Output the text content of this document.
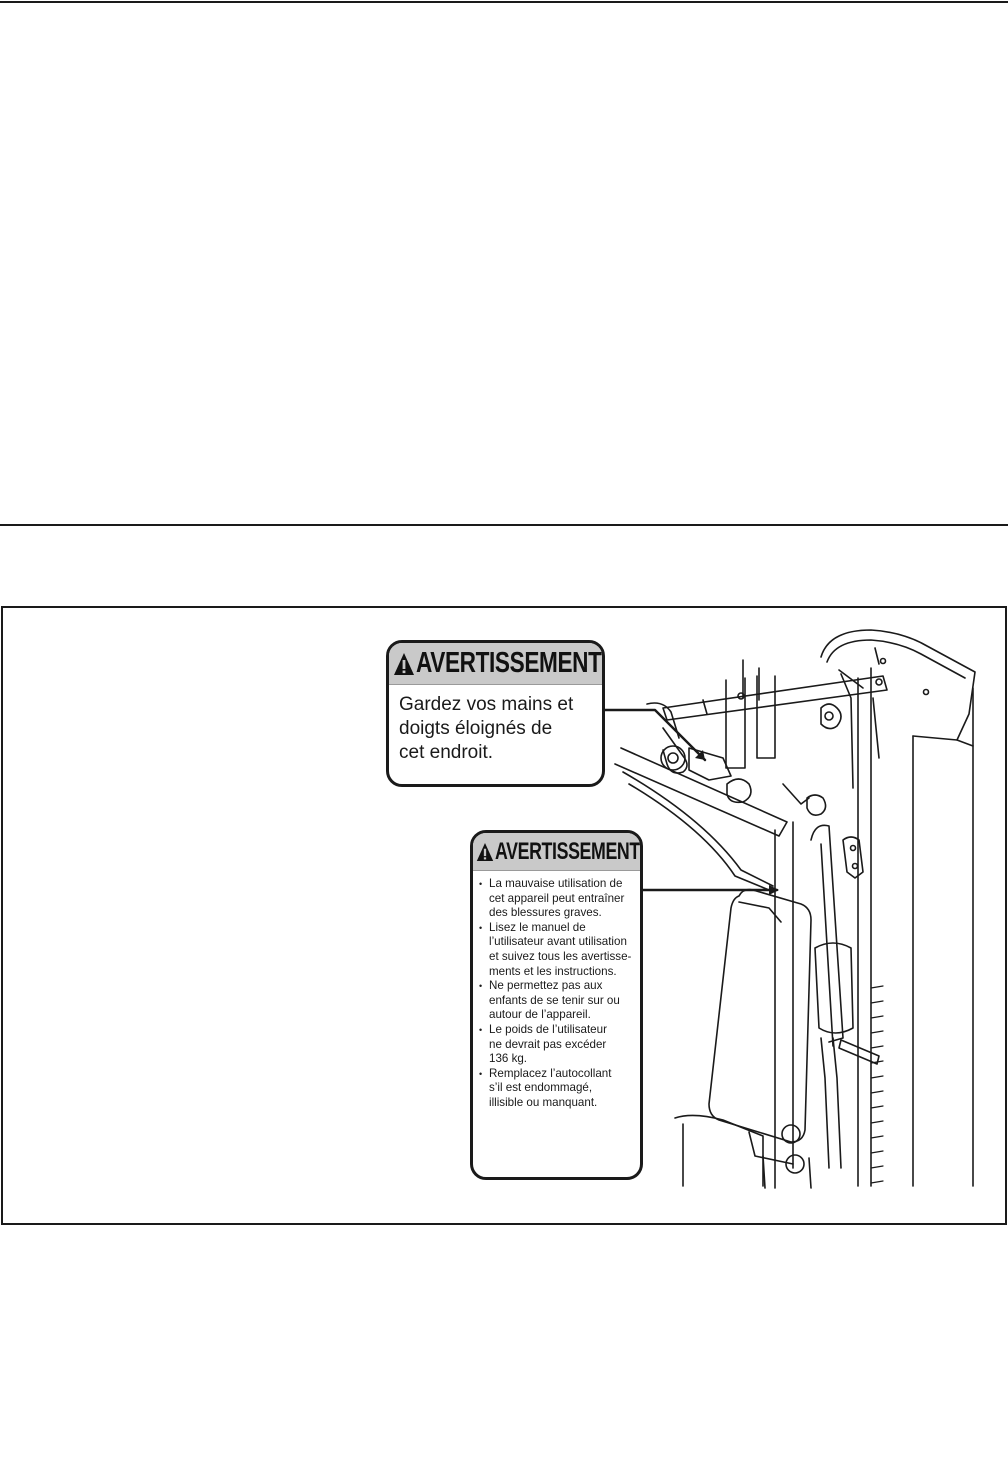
AVERTISSEMENT
Gardez vos mains et
doigts éloignés de
cet endroit.
AVERTISSEMENT
• La mauvaise utilisation de
cet appareil peut entraîner
des blessures graves.
• Lisez le manuel de
l’utilisateur avant utilisation
et suivez tous les avertisse-
ments et les instructions.
• Ne permettez pas aux
enfants de se tenir sur ou
autour de l’appareil.
• Le poids de l’utilisateur
ne devrait pas excéder
136 kg.
• Remplacez l’autocollant
s’il est endommagé,
illisible ou manquant.
